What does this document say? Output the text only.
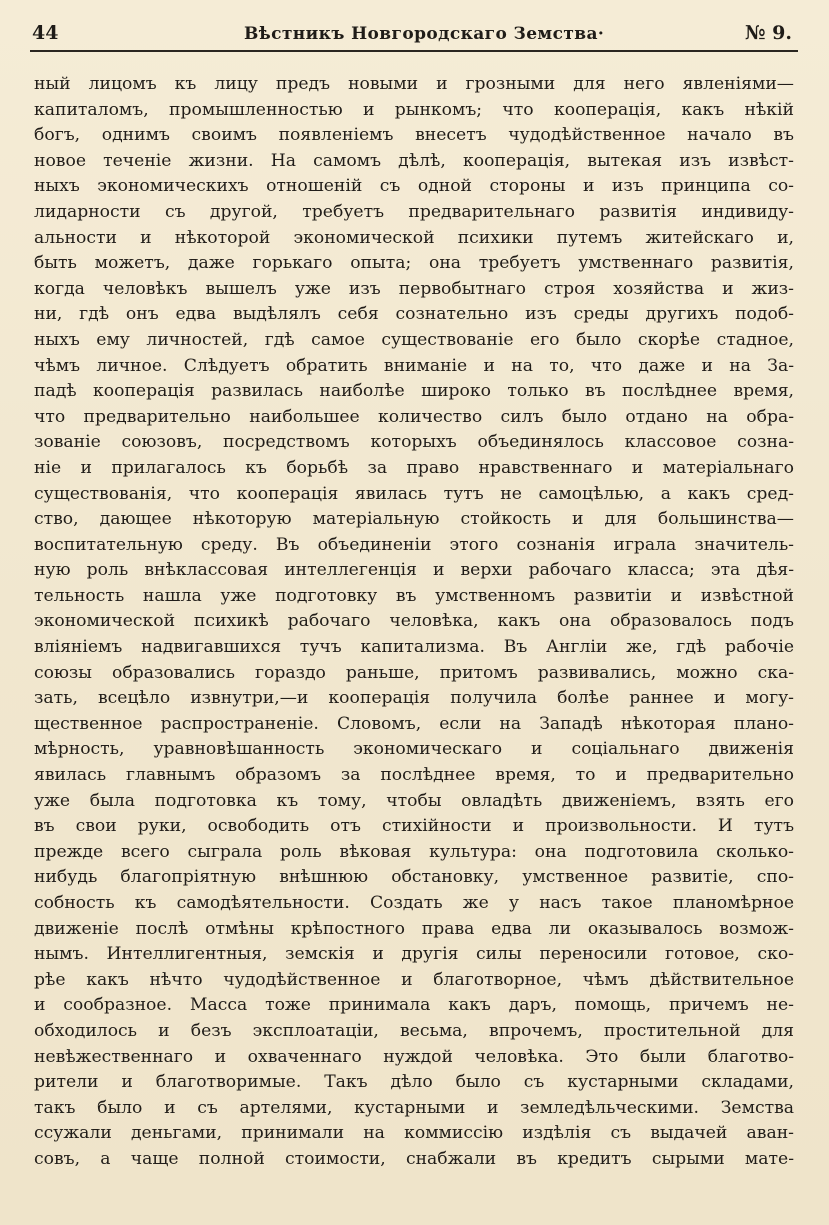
44	Вѣстникъ Новгородскаго Земства·	№ 9.
ный лицомъ къ лицу предъ новыми и грозными для него явленіями—
капиталомъ, промышленностью и рынкомъ; что кооперація, какъ нѣкій
богъ, однимъ своимъ появленіемъ внесетъ чудодѣйственное начало въ
новое теченіе жизни. На самомъ дѣлѣ, кооперація, вытекая изъ извѣст-
ныхъ экономическихъ отношеній съ одной стороны и изъ принципа со-
лидарности съ другой, требуетъ предварительнаго развитія индивиду-
альности и нѣкоторой экономической психики путемъ житейскаго и,
быть можетъ, даже горькаго опыта; она требуетъ умственнаго развитія,
когда человѣкъ вышелъ уже изъ первобытнаго строя хозяйства и жиз-
ни, гдѣ онъ едва выдѣлялъ себя сознательно изъ среды другихъ подоб-
ныхъ ему личностей, гдѣ самое существованіе его было скорѣе стадное,
чѣмъ личное. Слѣдуетъ обратить вниманіе и на то, что даже и на За-
падѣ кооперація развилась наиболѣе широко только въ послѣднее время,
что предварительно наибольшее количество силъ было отдано на обра-
зованіе союзовъ, посредствомъ которыхъ объединялось классовое созна-
ніе и прилагалось къ борьбѣ за право нравственнаго и матеріальнаго
существованія, что кооперація явилась тутъ не самоцѣлью, а какъ сред-
ство, дающее нѣкоторую матеріальную стойкость и для большинства—
воспитательную среду. Въ объединеніи этого сознанія играла значитель-
ную роль внѣклассовая интеллегенція и верхи рабочаго класса; эта дѣя-
тельность нашла уже подготовку въ умственномъ развитіи и извѣстной
экономической психикѣ рабочаго человѣка, какъ она образовалось подъ
вліяніемъ надвигавшихся тучъ капитализма. Въ Англіи же, гдѣ рабочіе
союзы образовались гораздо раньше, притомъ развивались, можно ска-
зать, всецѣло извнутри,—и кооперація получила болѣе раннее и могу-
щественное распространеніе. Словомъ, если на Западѣ нѣкоторая плано-
мѣрность, уравновѣшанность экономическаго и соціальнаго движенія
явилась главнымъ образомъ за послѣднее время, то и предварительно
уже была подготовка къ тому, чтобы овладѣть движеніемъ, взять его
въ свои руки, освободить отъ стихійности и произвольности. И тутъ
прежде всего сыграла роль вѣковая культура: она подготовила сколько-
нибудь благопріятную внѣшнюю обстановку, умственное развитіе, спо-
собность къ самодѣятельности. Создать же у насъ такое планомѣрное
движеніе послѣ отмѣны крѣпостного права едва ли оказывалось возмож-
нымъ. Интеллигентныя, земскія и другія силы переносили готовое, ско-
рѣе какъ нѣчто чудодѣйственное и благотворное, чѣмъ дѣйствительное
и сообразное. Масса тоже принимала какъ даръ, помощь, причемъ не-
обходилось и безъ эксплоатаціи, весьма, впрочемъ, простительной для
невѣжественнаго и охваченнаго нуждой человѣка. Это были благотво-
рители и благотворимые. Такъ дѣло было съ кустарными складами,
такъ было и съ артелями, кустарными и земледѣльческими. Земства
ссужали деньгами, принимали на коммиссію издѣлія съ выдачей аван-
совъ, а чаще полной стоимости, снабжали въ кредитъ сырыми мате-
